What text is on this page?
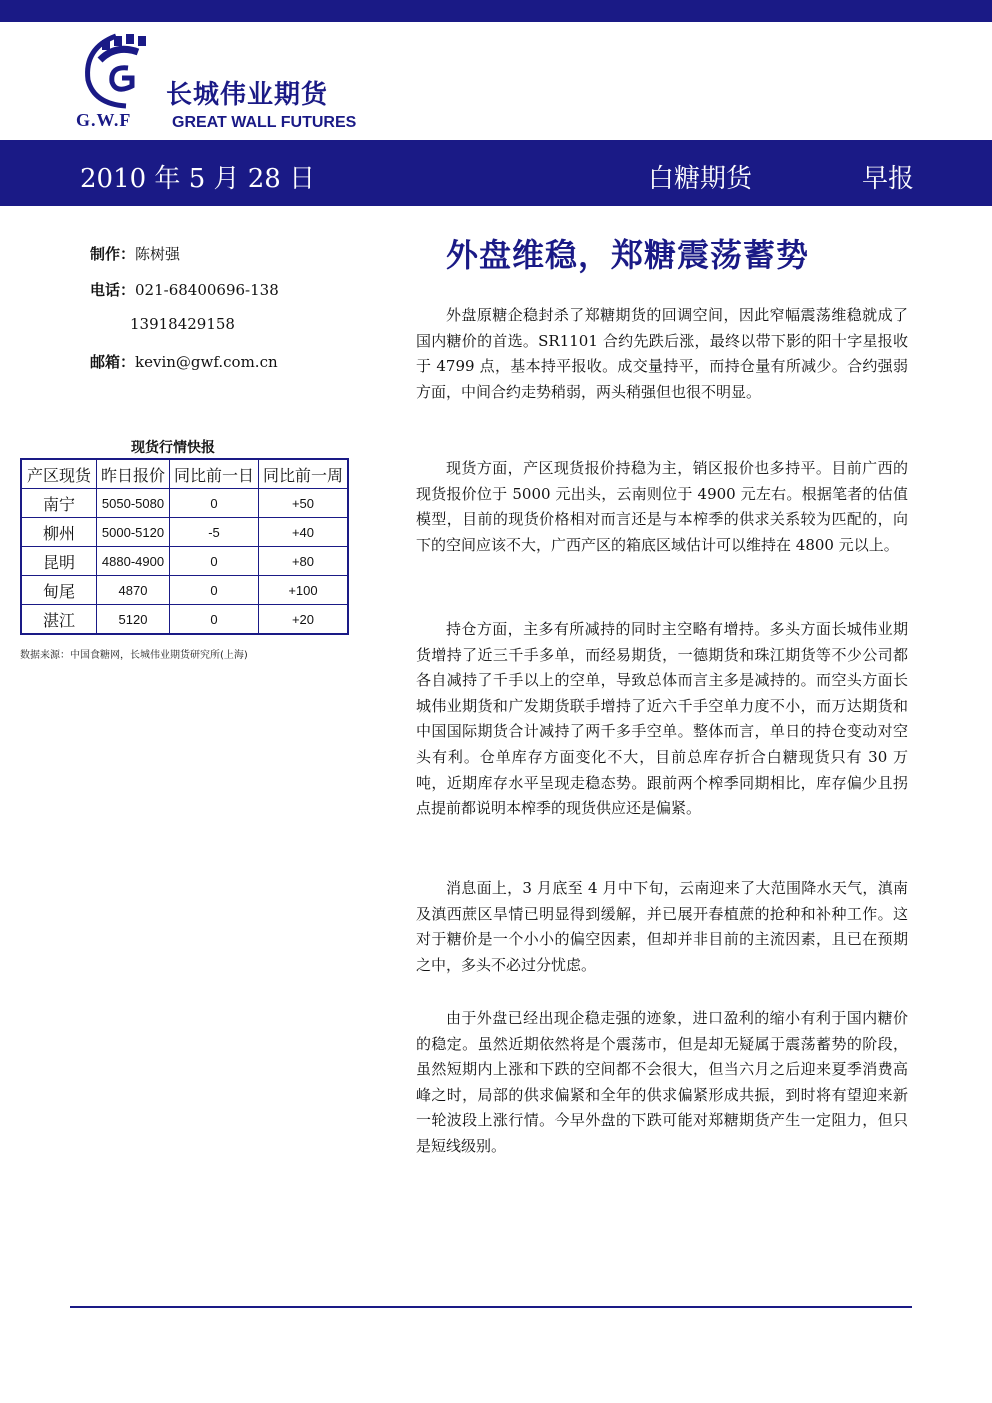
长城伟业期货
G.W.F	GREAT WALL FUTURES
2010 年 5 月 28 日	白糖期货	早报
制作：陈树强
电话：021-68400696-138
13918429158
邮箱：kevin@gwf.com.cn
现货行情快报
产区现货	昨日报价	同比前一日	同比前一周
南宁	5050-5080	0	+50
柳州	5000-5120	-5	+40
昆明	4880-4900	0	+80
甸尾	4870	0	+100
湛江	5120	0	+20
数据来源：中国食糖网，长城伟业期货研究所(上海)
外盘维稳，郑糖震荡蓄势
外盘原糖企稳封杀了郑糖期货的回调空间，因此窄幅震荡维稳就成了国内糖价的首选。SR1101 合约先跌后涨，最终以带下影的阳十字星报收于 4799 点，基本持平报收。成交量持平，而持仓量有所减少。合约强弱方面，中间合约走势稍弱，两头稍强但也很不明显。
现货方面，产区现货报价持稳为主，销区报价也多持平。目前广西的现货报价位于 5000 元出头，云南则位于 4900 元左右。根据笔者的估值模型，目前的现货价格相对而言还是与本榨季的供求关系较为匹配的，向下的空间应该不大，广西产区的箱底区域估计可以维持在 4800 元以上。
持仓方面，主多有所减持的同时主空略有增持。多头方面长城伟业期货增持了近三千手多单，而经易期货，一德期货和珠江期货等不少公司都各自减持了千手以上的空单，导致总体而言主多是减持的。而空头方面长城伟业期货和广发期货联手增持了近六千手空单力度不小，而万达期货和中国国际期货合计减持了两千多手空单。整体而言，单日的持仓变动对空头有利。仓单库存方面变化不大，目前总库存折合白糖现货只有 30 万吨，近期库存水平呈现走稳态势。跟前两个榨季同期相比，库存偏少且拐点提前都说明本榨季的现货供应还是偏紧。
消息面上，3 月底至 4 月中下旬，云南迎来了大范围降水天气，滇南及滇西蔗区旱情已明显得到缓解，并已展开春植蔗的抢种和补种工作。这对于糖价是一个小小的偏空因素，但却并非目前的主流因素，且已在预期之中，多头不必过分忧虑。
由于外盘已经出现企稳走强的迹象，进口盈利的缩小有利于国内糖价的稳定。虽然近期依然将是个震荡市，但是却无疑属于震荡蓄势的阶段，虽然短期内上涨和下跌的空间都不会很大，但当六月之后迎来夏季消费高峰之时，局部的供求偏紧和全年的供求偏紧形成共振，到时将有望迎来新一轮波段上涨行情。今早外盘的下跌可能对郑糖期货产生一定阻力，但只是短线级别。
